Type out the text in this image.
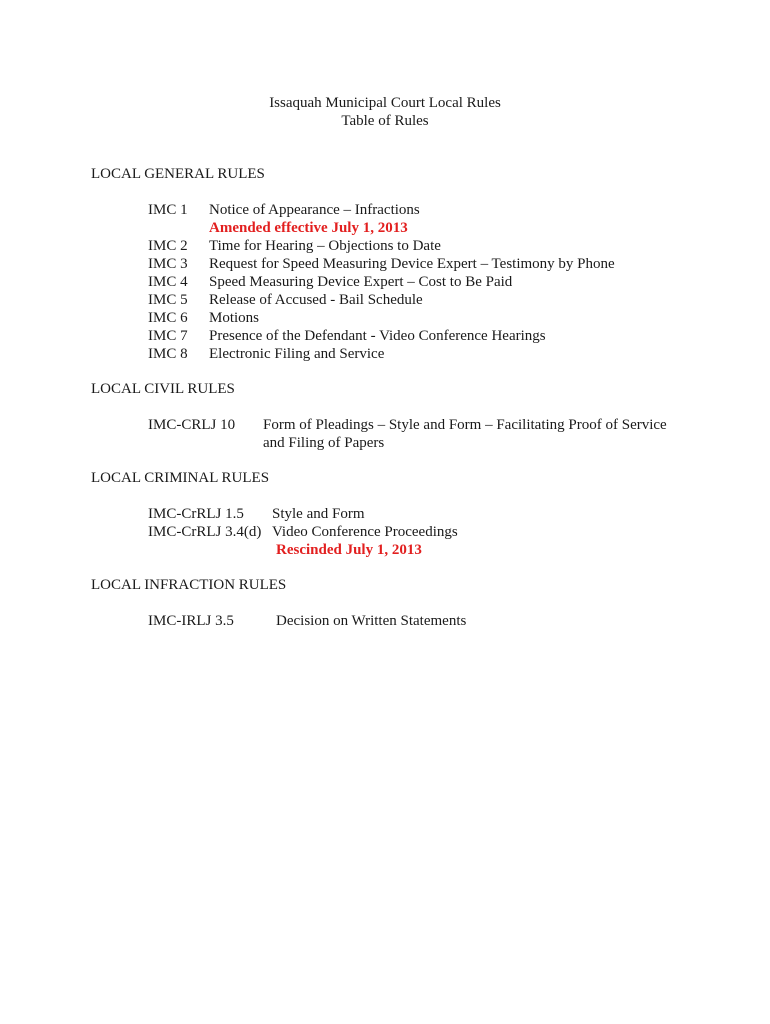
Issaquah Municipal Court Local Rules
Table of Rules
LOCAL GENERAL RULES
IMC 1 Notice of Appearance – Infractions
Amended effective July 1, 2013
IMC 2 Time for Hearing – Objections to Date
IMC 3 Request for Speed Measuring Device Expert – Testimony by Phone
IMC 4 Speed Measuring Device Expert – Cost to Be Paid
IMC 5 Release of Accused - Bail Schedule
IMC 6 Motions
IMC 7 Presence of the Defendant - Video Conference Hearings
IMC 8 Electronic Filing and Service
LOCAL CIVIL RULES
IMC-CRLJ 10 Form of Pleadings – Style and Form – Facilitating Proof of Service
and Filing of Papers
LOCAL CRIMINAL RULES
IMC-CrRLJ 1.5 Style and Form
IMC-CrRLJ 3.4(d) Video Conference Proceedings
Rescinded July 1, 2013
LOCAL INFRACTION RULES
IMC-IRLJ 3.5	Decision on Written Statements
